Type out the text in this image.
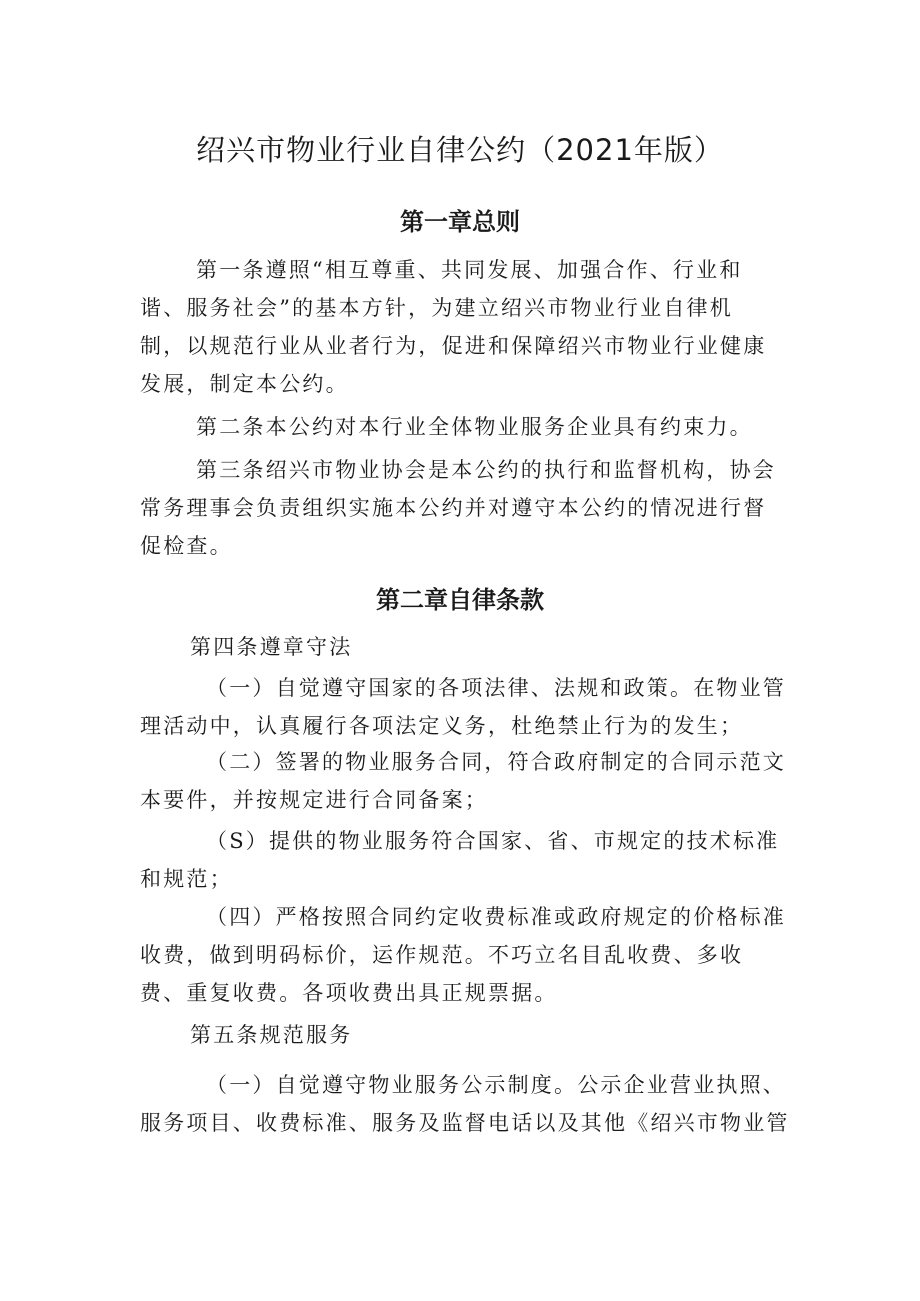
绍兴市物业行业自律公约（2021年版）
第一章总则
第一条遵照“相互尊重、共同发展、加强合作、行业和
谐、服务社会”的基本方针，为建立绍兴市物业行业自律机
制，以规范行业从业者行为，促进和保障绍兴市物业行业健康
发展，制定本公约。
第二条本公约对本行业全体物业服务企业具有约束力。
第三条绍兴市物业协会是本公约的执行和监督机构，协会
常务理事会负责组织实施本公约并对遵守本公约的情况进行督
促检查。
第二章自律条款
第四条遵章守法
（一）自觉遵守国家的各项法律、法规和政策。在物业管
理活动中，认真履行各项法定义务，杜绝禁止行为的发生；
（二）签署的物业服务合同，符合政府制定的合同示范文
本要件，并按规定进行合同备案；
（S）提供的物业服务符合国家、省、市规定的技术标准
和规范；
（四）严格按照合同约定收费标准或政府规定的价格标准
收费，做到明码标价，运作规范。不巧立名目乱收费、多收
费、重复收费。各项收费出具正规票据。
第五条规范服务
（一）自觉遵守物业服务公示制度。公示企业营业执照、
服务项目、收费标准、服务及监督电话以及其他《绍兴市物业管
